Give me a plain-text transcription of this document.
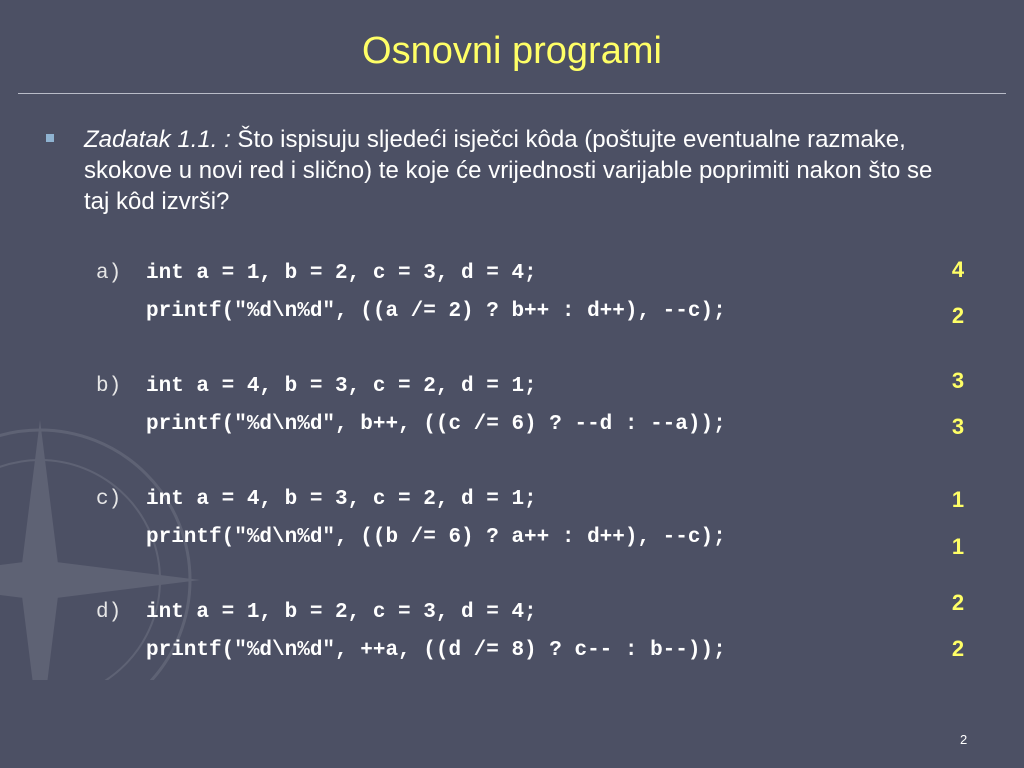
Osnovni programi
Zadatak 1.1. : Što ispisuju sljedeći isječci kôda (poštujte eventualne razmake, skokove u novi red i slično) te koje će vrijednosti varijable poprimiti nakon što se taj kôd izvrši?
a) int a = 1, b = 2, c = 3, d = 4;
printf("%d\n%d", ((a /= 2) ? b++ : d++), --c);
4
2
b) int a = 4, b = 3, c = 2, d = 1;
printf("%d\n%d", b++, ((c /= 6) ? --d : --a));
3
3
c) int a = 4, b = 3, c = 2, d = 1;
printf("%d\n%d", ((b /= 6) ? a++ : d++), --c);
1
1
d) int a = 1, b = 2, c = 3, d = 4;
printf("%d\n%d", ++a, ((d /= 8) ? c-- : b--));
2
2
2
